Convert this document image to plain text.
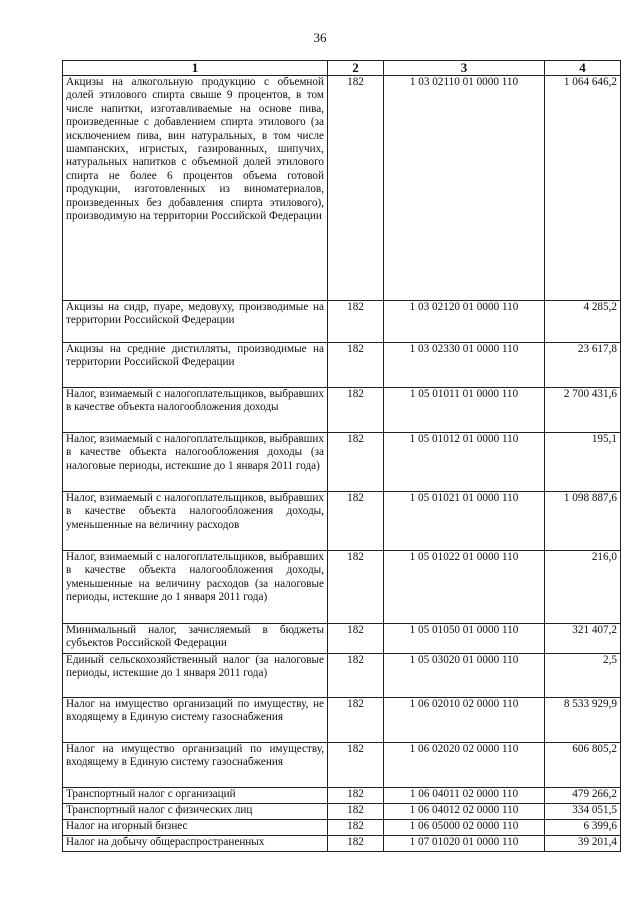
36
1	2	3	4
Акцизы на алкогольную продукцию с объемной долей этилового спирта свыше 9 процентов, в том числе напитки, изготавливаемые на основе пива, произведенные с добавлением спирта этилового (за исключением пива, вин натуральных, в том числе шампанских, игристых, газированных, шипучих, натуральных напитков с объемной долей этилового спирта не более 6 процентов объема готовой продукции, изготовленных из виноматериалов, произведенных без добавления спирта этилового), производимую на территории Российской Федерации	182	1 03 02110 01 0000 110	1 064 646,2
Акцизы на сидр, пуаре, медовуху, производимые на территории Российской Федерации	182	1 03 02120 01 0000 110	4 285,2
Акцизы на средние дистилляты, производимые на территории Российской Федерации	182	1 03 02330 01 0000 110	23 617,8
Налог, взимаемый с налогоплательщиков, выбравших в качестве объекта налогообложения доходы	182	1 05 01011 01 0000 110	2 700 431,6
Налог, взимаемый с налогоплательщиков, выбравших в качестве объекта налогообложения доходы (за налоговые периоды, истекшие до 1 января 2011 года)	182	1 05 01012 01 0000 110	195,1
Налог, взимаемый с налогоплательщиков, выбравших в качестве объекта налогообложения доходы, уменьшенные на величину расходов	182	1 05 01021 01 0000 110	1 098 887,6
Налог, взимаемый с налогоплательщиков, выбравших в качестве объекта налогообложения доходы, уменьшенные на величину расходов (за налоговые периоды, истекшие до 1 января 2011 года)	182	1 05 01022 01 0000 110	216,0
Минимальный налог, зачисляемый в бюджеты субъектов Российской Федерации	182	1 05 01050 01 0000 110	321 407,2
Единый сельскохозяйственный налог (за налоговые периоды, истекшие до 1 января 2011 года)	182	1 05 03020 01 0000 110	2,5
Налог на имущество организаций по имуществу, не входящему в Единую систему газоснабжения	182	1 06 02010 02 0000 110	8 533 929,9
Налог на имущество организаций по имуществу, входящему в Единую систему газоснабжения	182	1 06 02020 02 0000 110	606 805,2
Транспортный налог с организаций	182	1 06 04011 02 0000 110	479 266,2
Транспортный налог с физических лиц	182	1 06 04012 02 0000 110	334 051,5
Налог на игорный бизнес	182	1 06 05000 02 0000 110	6 399,6
Налог на добычу общераспространенных	182	1 07 01020 01 0000 110	39 201,4
